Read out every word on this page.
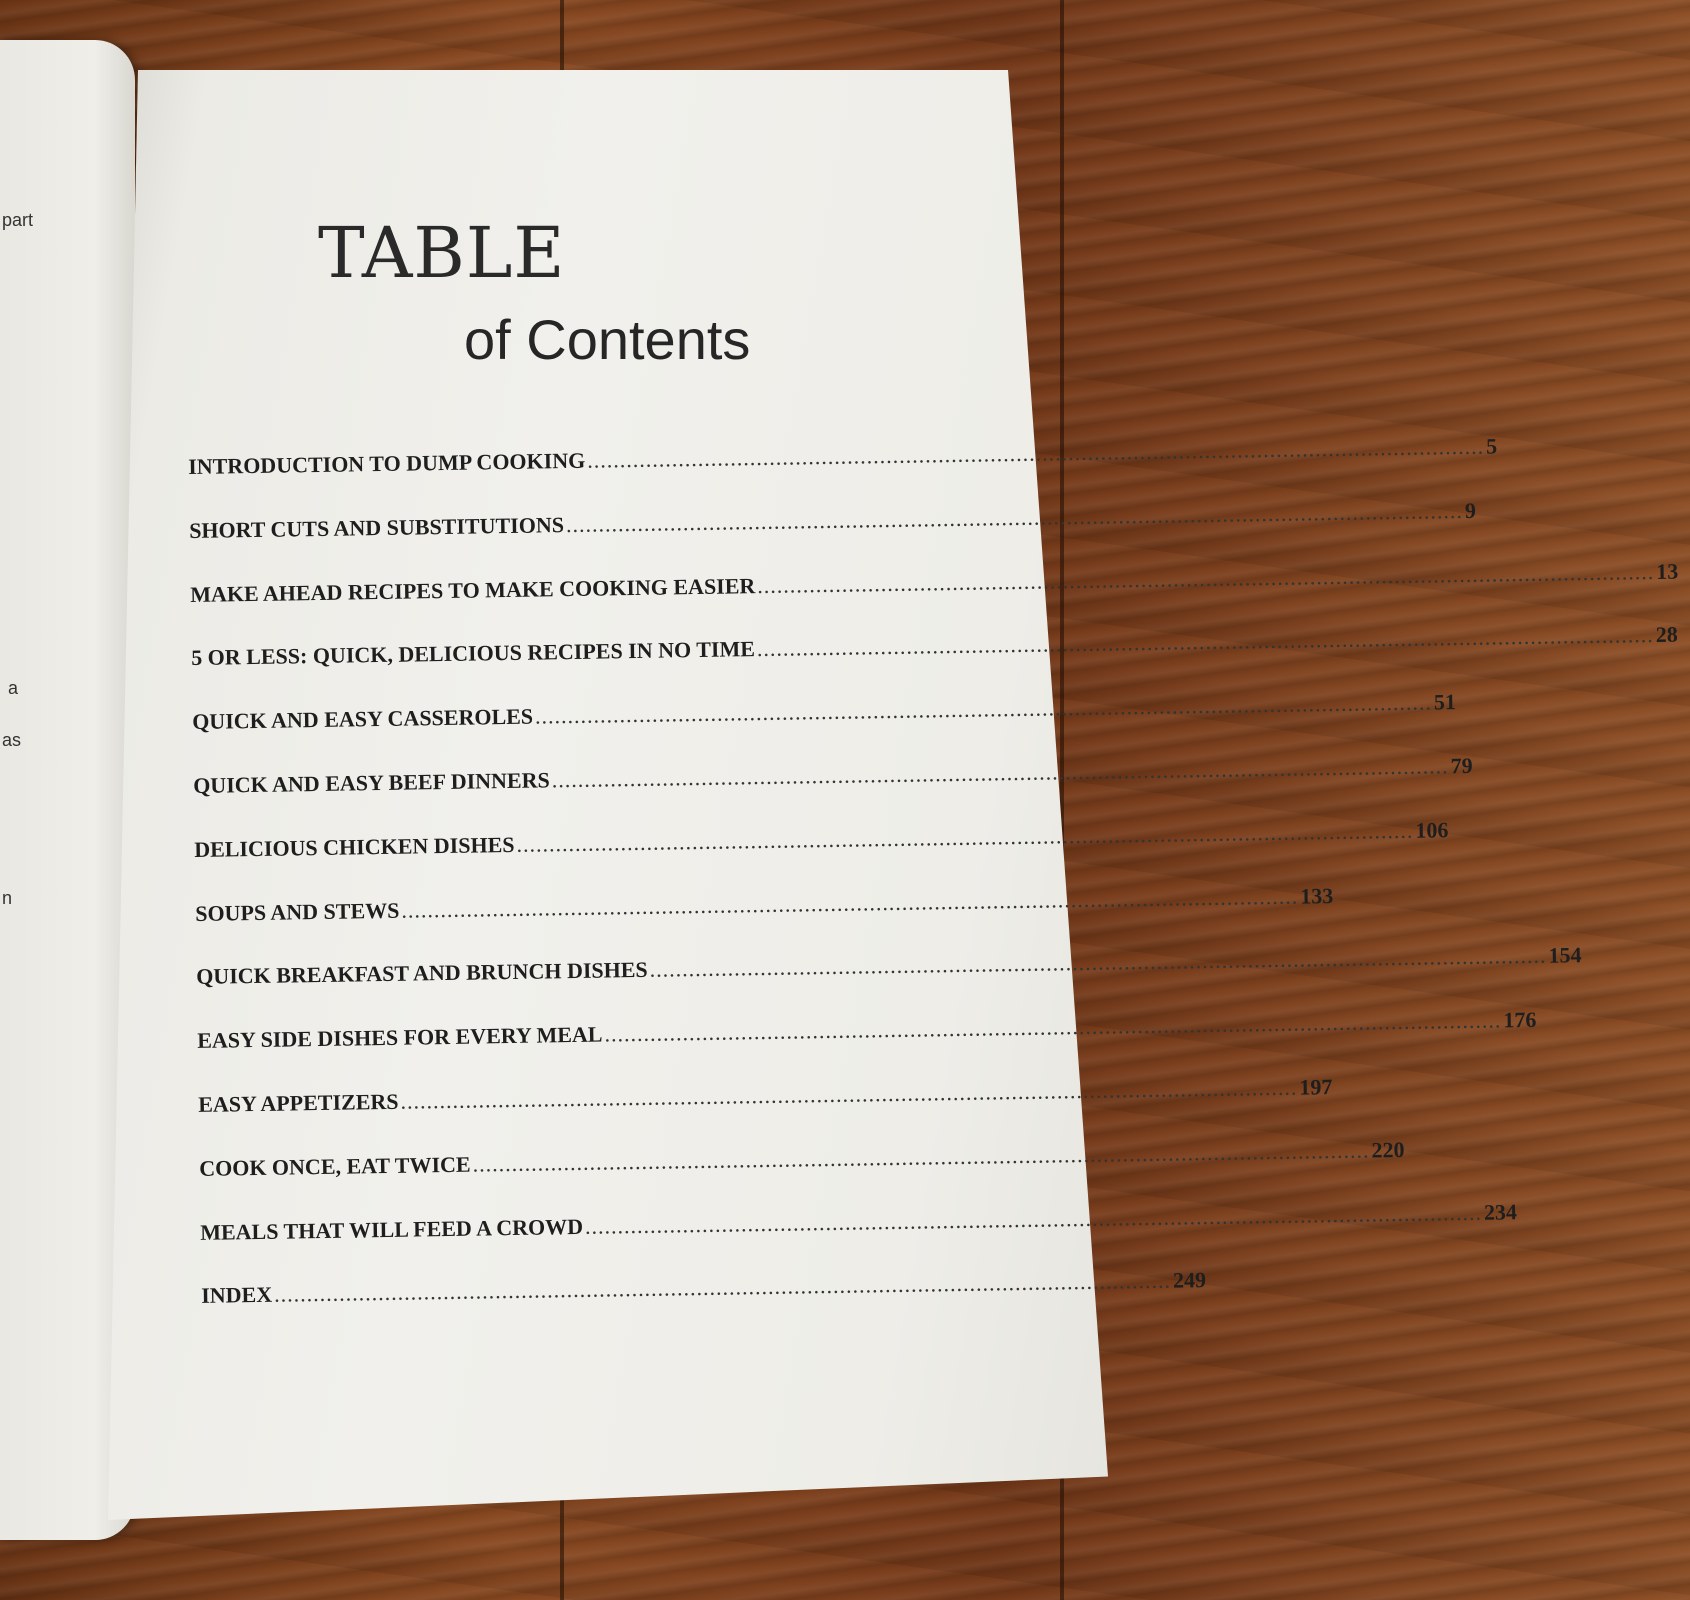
part
a
as
n
TABLE
of Contents
INTRODUCTION TO DUMP COOKING .......................................................................................................................................... 5
SHORT CUTS AND SUBSTITUTIONS .......................................................................................................................................... 9
MAKE AHEAD RECIPES TO MAKE COOKING EASIER .......................................................................................................................................... 13
5 OR LESS: QUICK, DELICIOUS RECIPES IN NO TIME .......................................................................................................................................... 28
QUICK AND EASY CASSEROLES .......................................................................................................................................... 51
QUICK AND EASY BEEF DINNERS .......................................................................................................................................... 79
DELICIOUS CHICKEN DISHES .......................................................................................................................................... 106
SOUPS AND STEWS .......................................................................................................................................... 133
QUICK BREAKFAST AND BRUNCH DISHES .......................................................................................................................................... 154
EASY SIDE DISHES FOR EVERY MEAL .......................................................................................................................................... 176
EASY APPETIZERS .......................................................................................................................................... 197
COOK ONCE, EAT TWICE .......................................................................................................................................... 220
MEALS THAT WILL FEED A CROWD .......................................................................................................................................... 234
INDEX .......................................................................................................................................... 249
